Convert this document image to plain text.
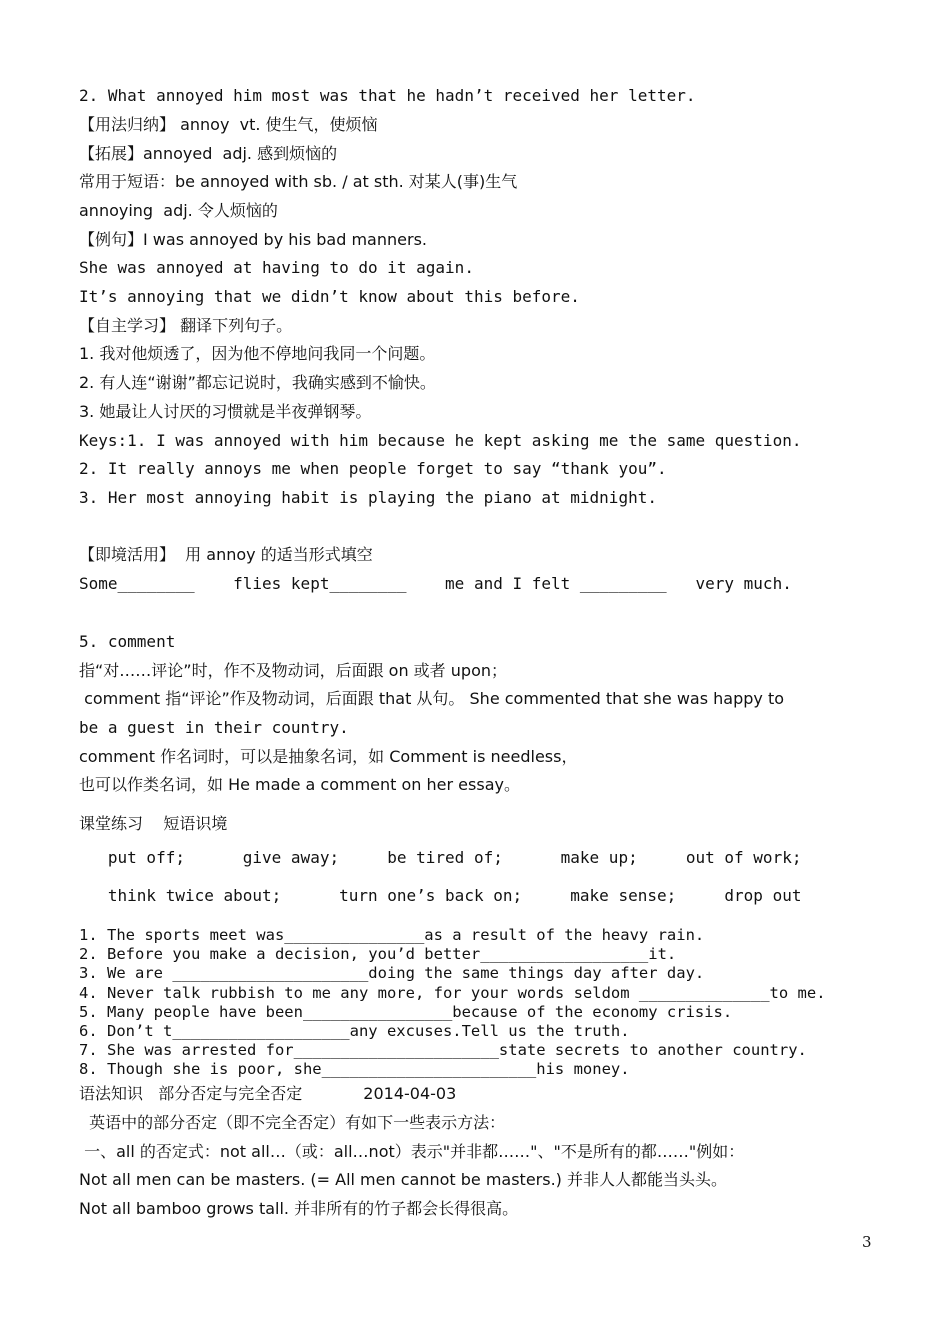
2. What annoyed him most was that he hadn’t received her letter.
【用法归纳】 annoy  vt. 使生气，使烦恼
【拓展】annoyed  adj. 感到烦恼的
常用于短语：be annoyed with sb. / at sth. 对某人(事)生气
annoying  adj. 令人烦恼的
【例句】I was annoyed by his bad manners.
She was annoyed at having to do it again.
It’s annoying that we didn’t know about this before.
【自主学习】 翻译下列句子。
1. 我对他烦透了，因为他不停地问我同一个问题。
2. 有人连“谢谢”都忘记说时，我确实感到不愉快。
3. 她最让人讨厌的习惯就是半夜弹钢琴。
Keys:1. I was annoyed with him because he kept asking me the same question.
2. It really annoys me when people forget to say “thank you”.
3. Her most annoying habit is playing the piano at midnight.
【即境活用】  用 annoy 的适当形式填空
Some________    flies kept________    me and I felt _________   very much.
5. comment
指“对……评论”时，作不及物动词，后面跟 on 或者 upon；
comment 指“评论”作及物动词，后面跟 that 从句。 She commented that she was happy to
be a guest in their country.
comment 作名词时，可以是抽象名词，如 Comment is needless，
也可以作类名词，如 He made a comment on her essay。
课堂练习    短语识境
put off;      give away;     be tired of;      make up;     out of work;
think twice about;      turn one’s back on;     make sense;     drop out
1. The sports meet was_______________as a result of the heavy rain.
2. Before you make a decision, you’d better__________________it.
3. We are _____________________doing the same things day after day.
4. Never talk rubbish to me any more, for your words seldom ______________to me.
5. Many people have been________________because of the economy crisis.
6. Don’t t___________________any excuses.Tell us the truth.
7. She was arrested for______________________state secrets to another country.
8. Though she is poor, she_______________________his money.
语法知识   部分否定与完全否定            2014-04-03
英语中的部分否定（即不完全否定）有如下一些表示方法：
一、all 的否定式：not all…（或：all…not）表示"并非都……"、"不是所有的都……"例如：
Not all men can be masters. (= All men cannot be masters.) 并非人人都能当头头。
Not all bamboo grows tall. 并非所有的竹子都会长得很高。
3
